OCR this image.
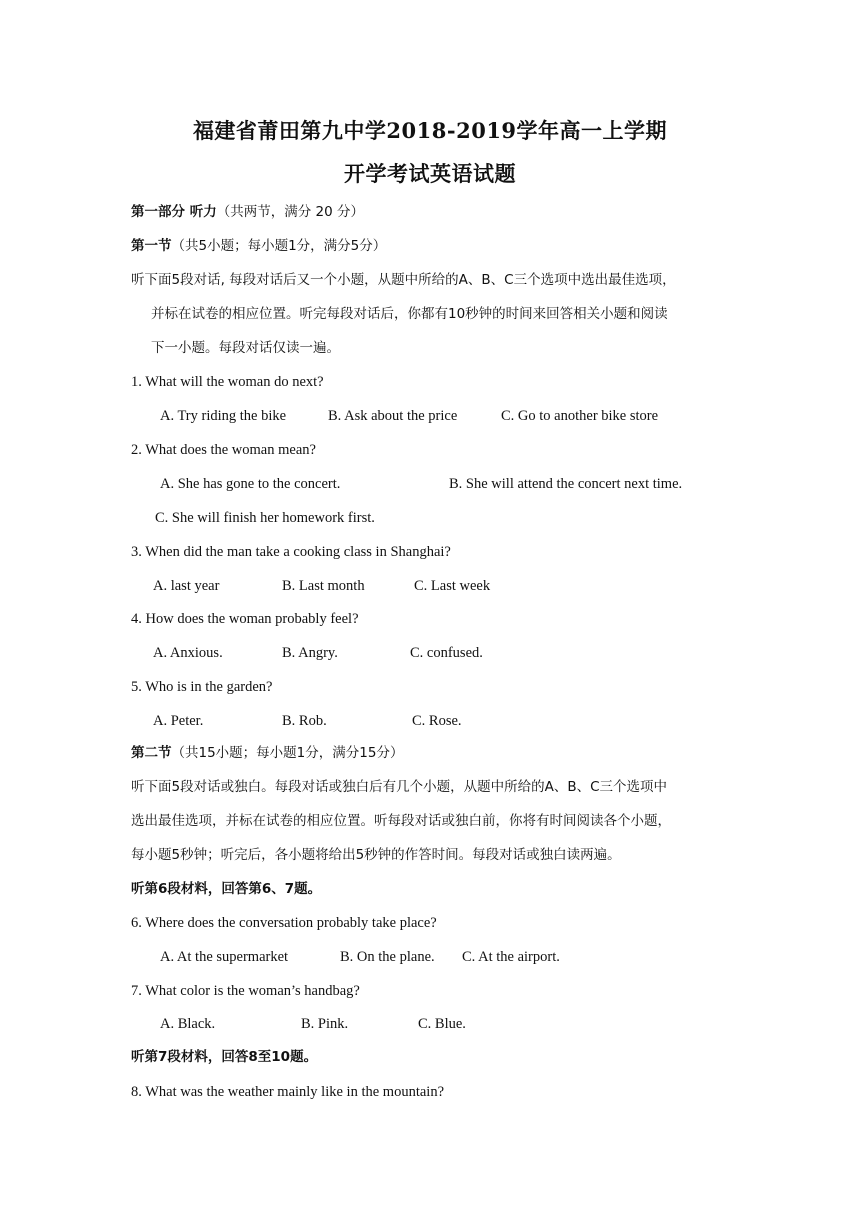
福建省莆田第九中学2018-2019学年高一上学期
开学考试英语试题
第一部分 听力（共两节，满分 20 分）
第一节（共5小题；每小题1分，满分5分）
听下面5段对话, 每段对话后又一个小题，从题中所给的A、B、C三个选项中选出最佳选项，
并标在试卷的相应位置。听完每段对话后，你都有10秒钟的时间来回答相关小题和阅读
下一小题。每段对话仅读一遍。
1. What will the woman do next?
A. Try riding the bike	B. Ask about the price	C. Go to another bike store
2. What does the woman mean?
A. She has gone to the concert.	B. She will attend the concert next time.
C. She will finish her homework first.
3. When did the man take a cooking class in Shanghai?
A. last year	B. Last month	C. Last week
4. How does the woman probably feel?
A. Anxious.	B. Angry.	C. confused.
5. Who is in the garden?
A. Peter.	B. Rob.	C. Rose.
第二节（共15小题；每小题1分，满分15分）
听下面5段对话或独白。每段对话或独白后有几个小题，从题中所给的A、B、C三个选项中
选出最佳选项，并标在试卷的相应位置。听每段对话或独白前，你将有时间阅读各个小题，
每小题5秒钟；听完后，各小题将给出5秒钟的作答时间。每段对话或独白读两遍。
听第6段材料，回答第6、7题。
6. Where does the conversation probably take place?
A. At the supermarket	B. On the plane. C. At the airport.
7. What color is the woman’s handbag?
A. Black.	B. Pink.	C. Blue.
听第7段材料，回答8至10题。
8. What was the weather mainly like in the mountain?
